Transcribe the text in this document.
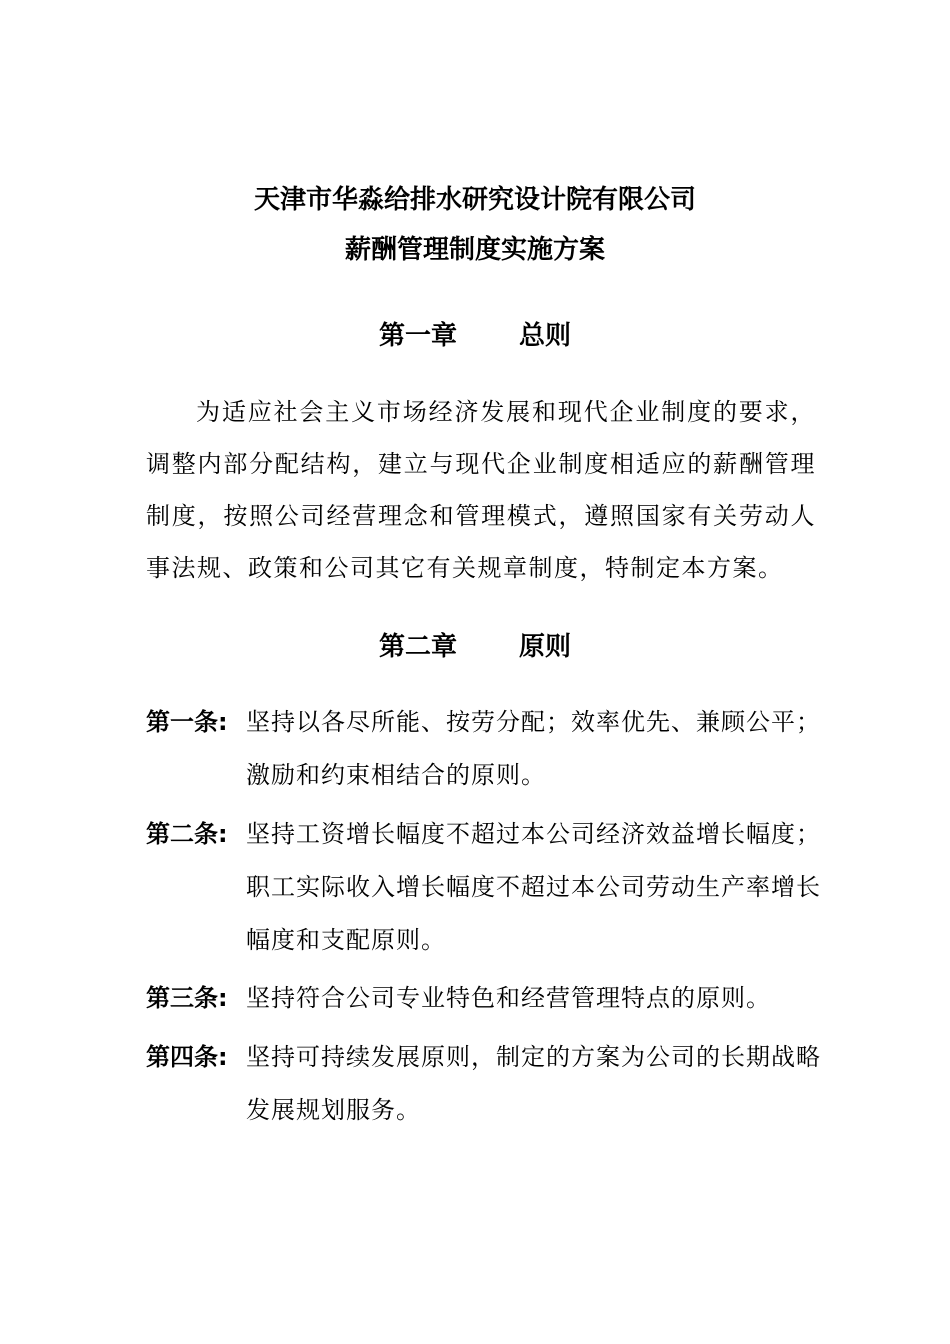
天津市华淼给排水研究设计院有限公司
薪酬管理制度实施方案
第一章 总则
为适应社会主义市场经济发展和现代企业制度的要求，调整内部分配结构，建立与现代企业制度相适应的薪酬管理制度，按照公司经营理念和管理模式，遵照国家有关劳动人事法规、政策和公司其它有关规章制度，特制定本方案。
第二章 原则
第一条: 坚持以各尽所能、按劳分配；效率优先、兼顾公平；激励和约束相结合的原则。
第二条: 坚持工资增长幅度不超过本公司经济效益增长幅度；职工实际收入增长幅度不超过本公司劳动生产率增长幅度和支配原则。
第三条: 坚持符合公司专业特色和经营管理特点的原则。
第四条: 坚持可持续发展原则，制定的方案为公司的长期战略发展规划服务。
